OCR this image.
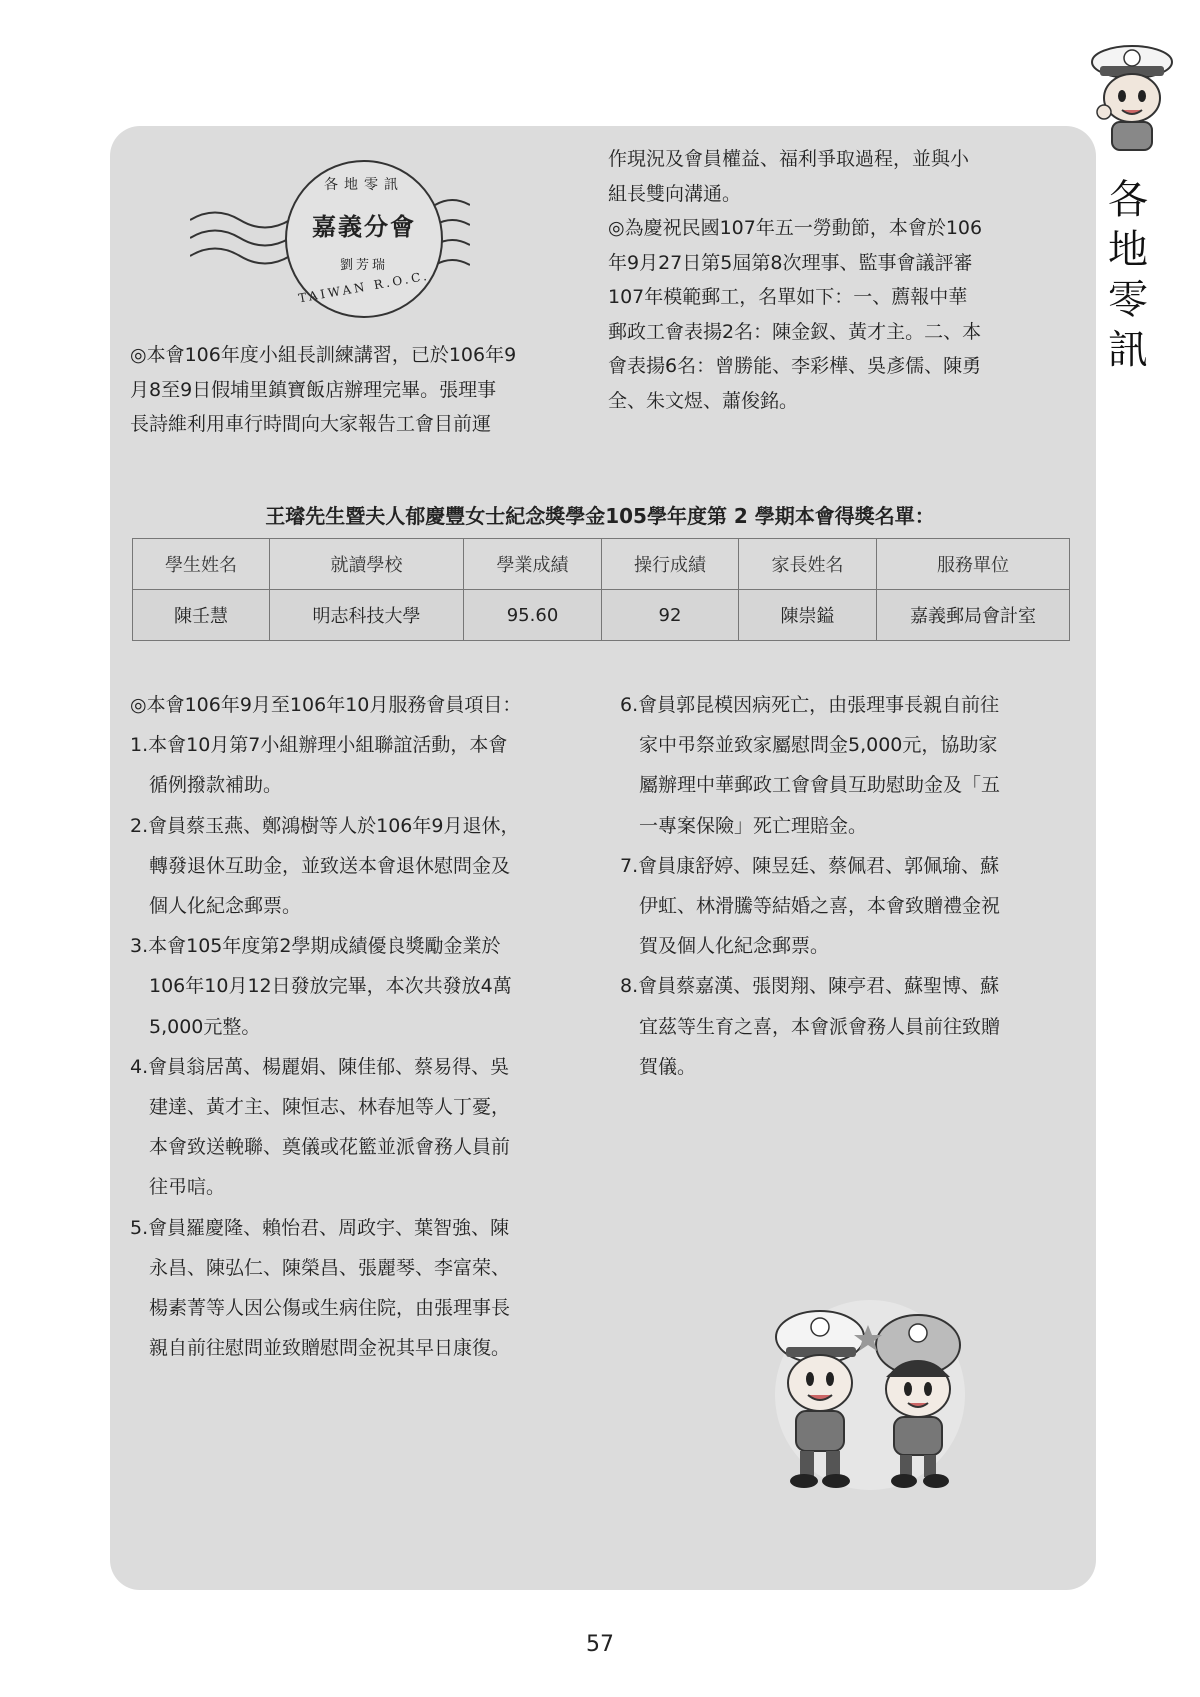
各
地
零
訊
各地零訊
嘉義分會
劉芳瑞
TAIWAN R.O.C.
◎本會106年度小組長訓練講習，已於106年9
月8至9日假埔里鎮寶飯店辦理完畢。張理事
長詩維利用車行時間向大家報告工會目前運
作現況及會員權益、福利爭取過程，並與小
組長雙向溝通。
◎為慶祝民國107年五一勞動節，本會於106
年9月27日第5屆第8次理事、監事會議評審
107年模範郵工，名單如下：一、薦報中華
郵政工會表揚2名：陳金釵、黃才主。二、本
會表揚6名：曾勝能、李彩樺、吳彥儒、陳勇
全、朱文煜、蕭俊銘。
王璿先生暨夫人郁慶豐女士紀念獎學金105學年度第 2 學期本會得獎名單：
學生姓名	就讀學校	學業成績	操行成績	家長姓名	服務單位
陳壬慧	明志科技大學	95.60	92	陳崇鎰	嘉義郵局會計室
◎本會106年9月至106年10月服務會員項目：
1.本會10月第7小組辦理小組聯誼活動，本會
　循例撥款補助。
2.會員蔡玉燕、鄭鴻樹等人於106年9月退休，
　轉發退休互助金，並致送本會退休慰問金及
　個人化紀念郵票。
3.本會105年度第2學期成績優良獎勵金業於
　106年10月12日發放完畢，本次共發放4萬
　5,000元整。
4.會員翁居萬、楊麗娟、陳佳郁、蔡易得、吳
　建達、黃才主、陳恒志、林春旭等人丁憂，
　本會致送輓聯、奠儀或花籃並派會務人員前
　往弔唁。
5.會員羅慶隆、賴怡君、周政宇、葉智強、陳
　永昌、陳弘仁、陳榮昌、張麗琴、李富荣、
　楊素菁等人因公傷或生病住院，由張理事長
　親自前往慰問並致贈慰問金祝其早日康復。
6.會員郭昆模因病死亡，由張理事長親自前往
　家中弔祭並致家屬慰問金5,000元，協助家
　屬辦理中華郵政工會會員互助慰助金及「五
　一專案保險」死亡理賠金。
7.會員康舒婷、陳昱廷、蔡佩君、郭佩瑜、蘇
　伊虹、林滑騰等結婚之喜，本會致贈禮金祝
　賀及個人化紀念郵票。
8.會員蔡嘉漢、張閔翔、陳亭君、蘇聖博、蘇
　宜茲等生育之喜，本會派會務人員前往致贈
　賀儀。
57
